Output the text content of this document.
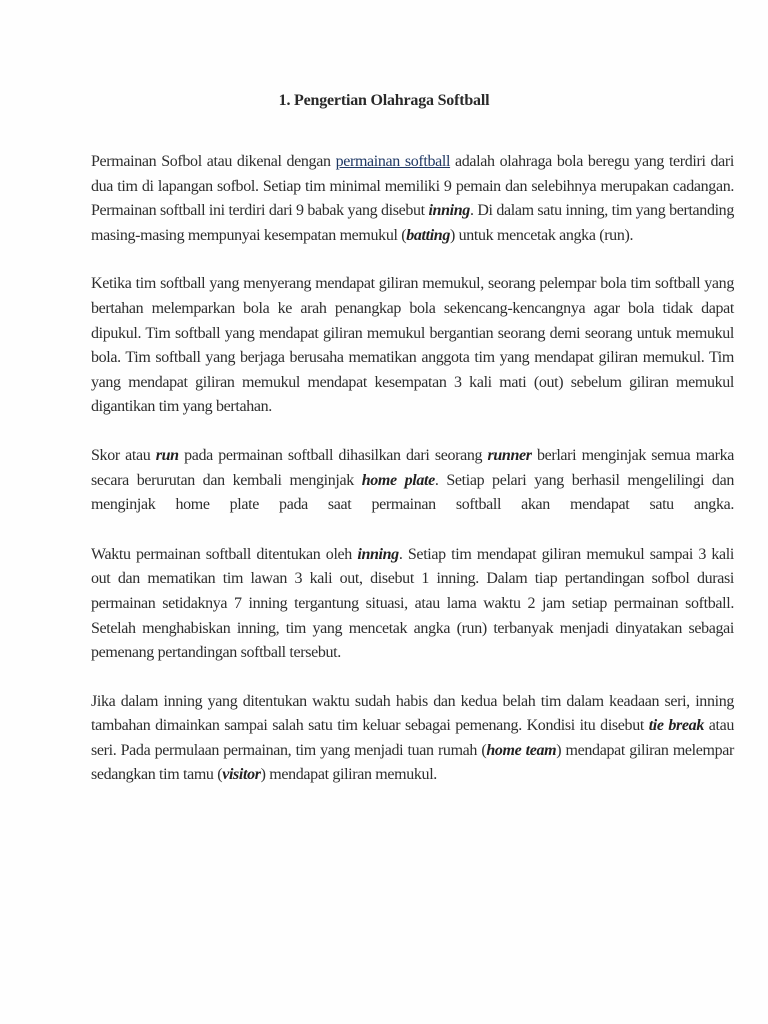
1. Pengertian Olahraga Softball

Permainan Sofbol atau dikenal dengan permainan softball adalah olahraga bola beregu yang terdiri dari dua tim di lapangan sofbol. Setiap tim minimal memiliki 9 pemain dan selebihnya merupakan cadangan. Permainan softball ini terdiri dari 9 babak yang disebut inning. Di dalam satu inning, tim yang bertanding masing-masing mempunyai kesempatan memukul (batting) untuk mencetak angka (run).

Ketika tim softball yang menyerang mendapat giliran memukul, seorang pelempar bola tim softball yang bertahan melemparkan bola ke arah penangkap bola sekencang-kencangnya agar bola tidak dapat dipukul. Tim softball yang mendapat giliran memukul bergantian seorang demi seorang untuk memukul bola. Tim softball yang berjaga berusaha mematikan anggota tim yang mendapat giliran memukul. Tim yang mendapat giliran memukul mendapat kesempatan 3 kali mati (out) sebelum giliran memukul digantikan tim yang bertahan.

Skor atau run pada permainan softball dihasilkan dari seorang runner berlari menginjak semua marka secara berurutan dan kembali menginjak home plate. Setiap pelari yang berhasil mengelilingi dan menginjak home plate pada saat permainan softball akan mendapat satu angka.

Waktu permainan softball ditentukan oleh inning. Setiap tim mendapat giliran memukul sampai 3 kali out dan mematikan tim lawan 3 kali out, disebut 1 inning. Dalam tiap pertandingan sofbol durasi permainan setidaknya 7 inning tergantung situasi, atau lama waktu 2 jam setiap permainan softball. Setelah menghabiskan inning, tim yang mencetak angka (run) terbanyak menjadi dinyatakan sebagai pemenang pertandingan softball tersebut.

Jika dalam inning yang ditentukan waktu sudah habis dan kedua belah tim dalam keadaan seri, inning tambahan dimainkan sampai salah satu tim keluar sebagai pemenang. Kondisi itu disebut tie break atau seri. Pada permulaan permainan, tim yang menjadi tuan rumah (home team) mendapat giliran melempar sedangkan tim tamu (visitor) mendapat giliran memukul.
